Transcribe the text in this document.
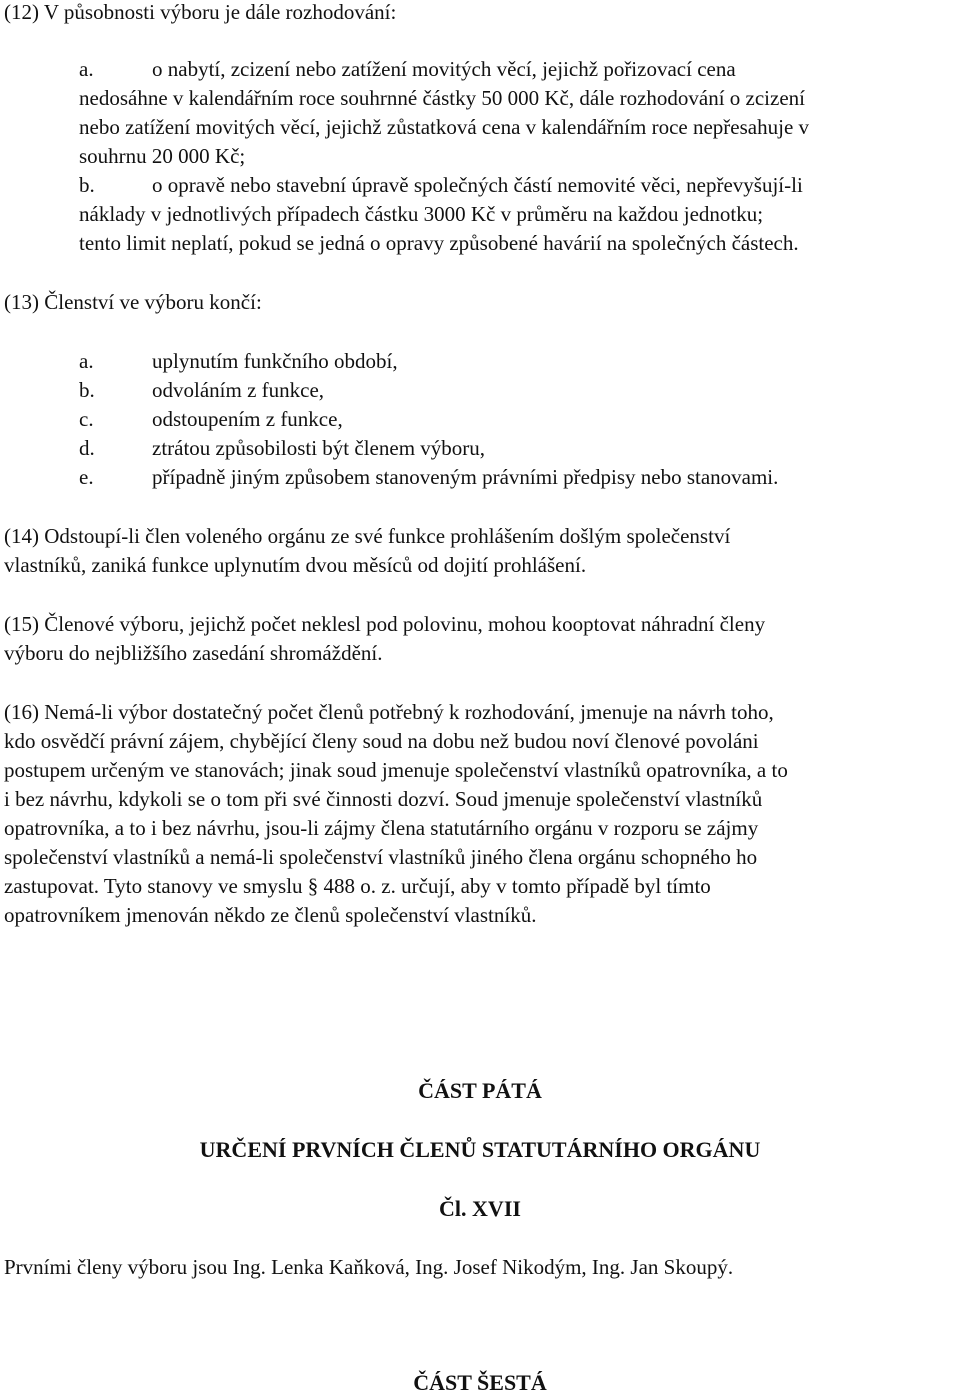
(12) V působnosti výboru je dále rozhodování:

a.	o nabytí, zcizení nebo zatížení movitých věcí, jejichž pořizovací cena

nedosáhne v kalendářním roce souhrnné částky 50 000 Kč, dále rozhodování o zcizení

nebo zatížení movitých věcí, jejichž zůstatková cena v kalendářním roce nepřesahuje v

souhrnu 20 000 Kč;

b.	o opravě nebo stavební úpravě společných částí nemovité věci, nepřevyšují-li

náklady v jednotlivých případech částku 3000 Kč v průměru na každou jednotku;

tento limit neplatí, pokud se jedná o opravy způsobené havárií na společných částech.

(13) Členství ve výboru končí:

a.	uplynutím funkčního období,
b.	odvoláním z funkce,
c.	odstoupením z funkce,
d.	ztrátou způsobilosti být členem výboru,
e.	případně jiným způsobem stanoveným právními předpisy nebo stanovami.

(14) Odstoupí-li člen voleného orgánu ze své funkce prohlášením došlým společenství

vlastníků, zaniká funkce uplynutím dvou měsíců od dojití prohlášení.

(15) Členové výboru, jejichž počet neklesl pod polovinu, mohou kooptovat náhradní členy

výboru do nejbližšího zasedání shromáždění.

(16) Nemá-li výbor dostatečný počet členů potřebný k rozhodování, jmenuje na návrh toho,

kdo osvědčí právní zájem, chybějící členy soud na dobu než budou noví členové povoláni

postupem určeným ve stanovách; jinak soud jmenuje společenství vlastníků opatrovníka, a to

i bez návrhu, kdykoli se o tom při své činnosti dozví. Soud jmenuje společenství vlastníků

opatrovníka, a to i bez návrhu, jsou-li zájmy člena statutárního orgánu v rozporu se zájmy

společenství vlastníků a nemá-li společenství vlastníků jiného člena orgánu schopného ho

zastupovat. Tyto stanovy ve smyslu § 488 o. z. určují, aby v tomto případě byl tímto

opatrovníkem jmenován někdo ze členů společenství vlastníků.

ČÁST PÁTÁ
URČENÍ PRVNÍCH ČLENŮ STATUTÁRNÍHO ORGÁNU
Čl. XVII

Prvními členy výboru jsou Ing. Lenka Kaňková, Ing. Josef Nikodým, Ing. Jan Skoupý.

ČÁST ŠESTÁ
